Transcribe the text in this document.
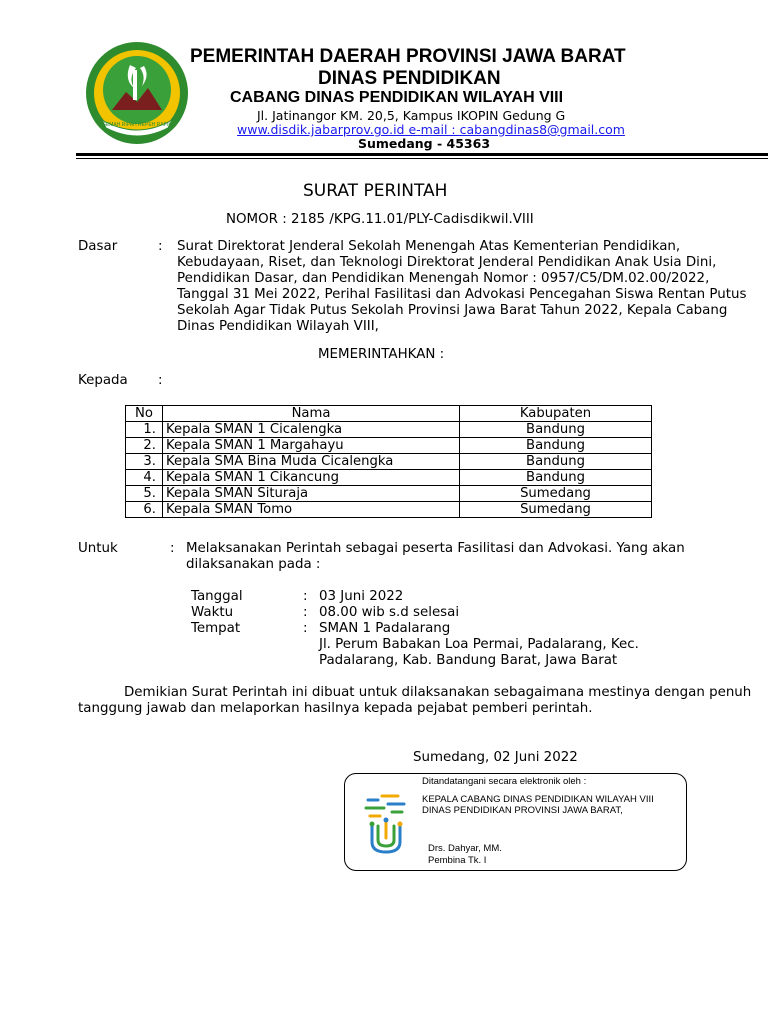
GEMAH RIPAH REPEH RAPIH
PEMERINTAH DAERAH PROVINSI JAWA BARAT
DINAS PENDIDIKAN
CABANG DINAS PENDIDIKAN WILAYAH VIII
Jl. Jatinangor KM. 20,5, Kampus IKOPIN Gedung G
www.disdik.jabarprov.go.id e-mail : cabangdinas8@gmail.com
Sumedang - 45363
SURAT PERINTAH
NOMOR : 2185 /KPG.11.01/PLY-Cadisdikwil.VIII
Dasar	: Surat Direktorat Jenderal Sekolah Menengah Atas Kementerian Pendidikan,
Kebudayaan, Riset, dan Teknologi Direktorat Jenderal Pendidikan Anak Usia Dini,
Pendidikan Dasar, dan Pendidikan Menengah Nomor : 0957/C5/DM.02.00/2022,
Tanggal 31 Mei 2022, Perihal Fasilitasi dan Advokasi Pencegahan Siswa Rentan Putus
Sekolah Agar Tidak Putus Sekolah Provinsi Jawa Barat Tahun 2022, Kepala Cabang
Dinas Pendidikan Wilayah VIII,
MEMERINTAHKAN :
Kepada :
No	Nama	Kabupaten
1.	Kepala SMAN 1 Cicalengka	Bandung
2.	Kepala SMAN 1 Margahayu	Bandung
3.	Kepala SMA Bina Muda Cicalengka	Bandung
4.	Kepala SMAN 1 Cikancung	Bandung
5.	Kepala SMAN Situraja	Sumedang
6.	Kepala SMAN Tomo	Sumedang
Untuk	: Melaksanakan Perintah sebagai peserta Fasilitasi dan Advokasi. Yang akan
dilaksanakan pada :
Tanggal	: 03 Juni 2022
Waktu	: 08.00 wib s.d selesai
Tempat	: SMAN 1 Padalarang
Jl. Perum Babakan Loa Permai, Padalarang, Kec.
Padalarang, Kab. Bandung Barat, Jawa Barat
Demikian Surat Perintah ini dibuat untuk dilaksanakan sebagaimana mestinya dengan penuh
tanggung jawab dan melaporkan hasilnya kepada pejabat pemberi perintah.
Sumedang, 02 Juni 2022
Ditandatangani secara elektronik oleh :
KEPALA CABANG DINAS PENDIDIKAN WILAYAH VIII
DINAS PENDIDIKAN PROVINSI JAWA BARAT,
Drs. Dahyar, MM.
Pembina Tk. I
